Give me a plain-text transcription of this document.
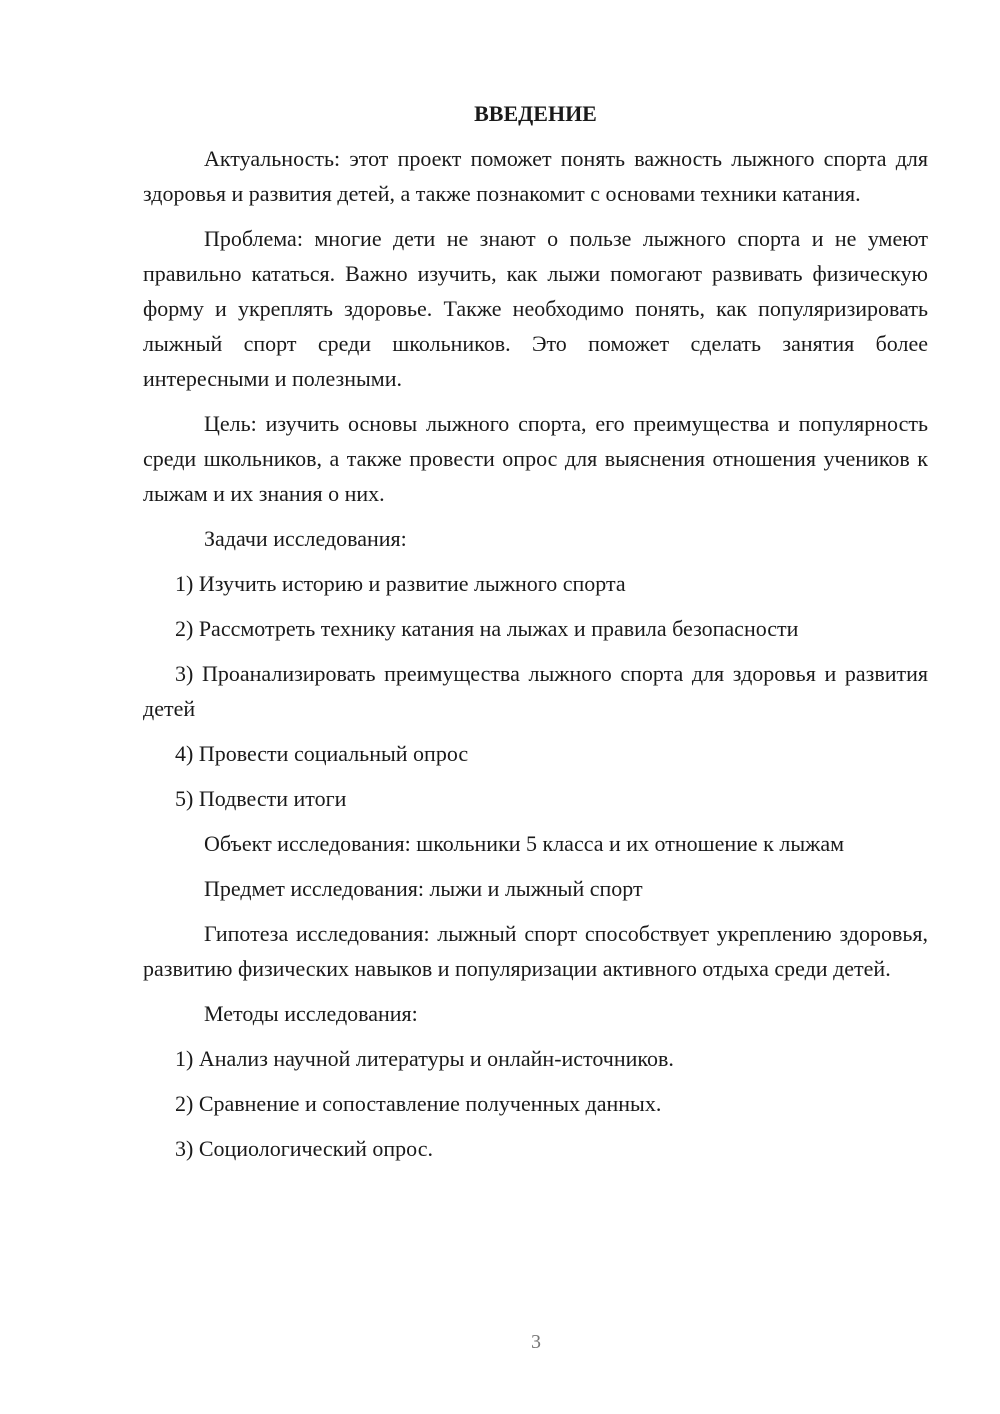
ВВЕДЕНИЕ

Актуальность: этот проект поможет понять важность лыжного спорта для здоровья и развития детей, а также познакомит с основами техники катания.

Проблема: многие дети не знают о пользе лыжного спорта и не умеют правильно кататься. Важно изучить, как лыжи помогают развивать физическую форму и укреплять здоровье. Также необходимо понять, как популяризировать лыжный спорт среди школьников. Это поможет сделать занятия более интересными и полезными.

Цель: изучить основы лыжного спорта, его преимущества и популярность среди школьников, а также провести опрос для выяснения отношения учеников к лыжам и их знания о них.

Задачи исследования:

1) Изучить историю и развитие лыжного спорта

2) Рассмотреть технику катания на лыжах и правила безопасности

3) Проанализировать преимущества лыжного спорта для здоровья и развития детей

4) Провести социальный опрос

5) Подвести итоги

Объект исследования: школьники 5 класса и их отношение к лыжам

Предмет исследования: лыжи и лыжный спорт

Гипотеза исследования: лыжный спорт способствует укреплению здоровья, развитию физических навыков и популяризации активного отдыха среди детей.

Методы исследования:

1) Анализ научной литературы и онлайн-источников.

2) Сравнение и сопоставление полученных данных.

3) Социологический опрос.

3
